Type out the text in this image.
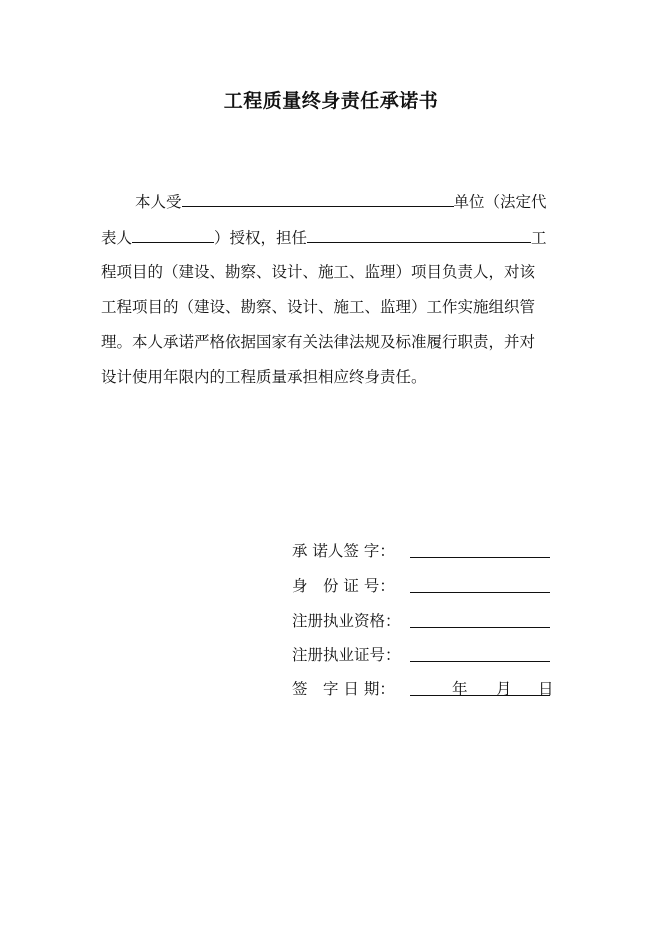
工程质量终身责任承诺书
本人受	单位（法定代
表人	）授权，担任	工
程项目的（建设、勘察、设计、施工、监理）项目负责人，对该
工程项目的（建设、勘察、设计、施工、监理）工作实施组织管
理。本人承诺严格依据国家有关法律法规及标准履行职责，并对
设计使用年限内的工程质量承担相应终身责任。
承 诺人签 字：
身　份 证 号：
注册执业资格：
注册执业证号：
签　字 日 期：	年 月 日
